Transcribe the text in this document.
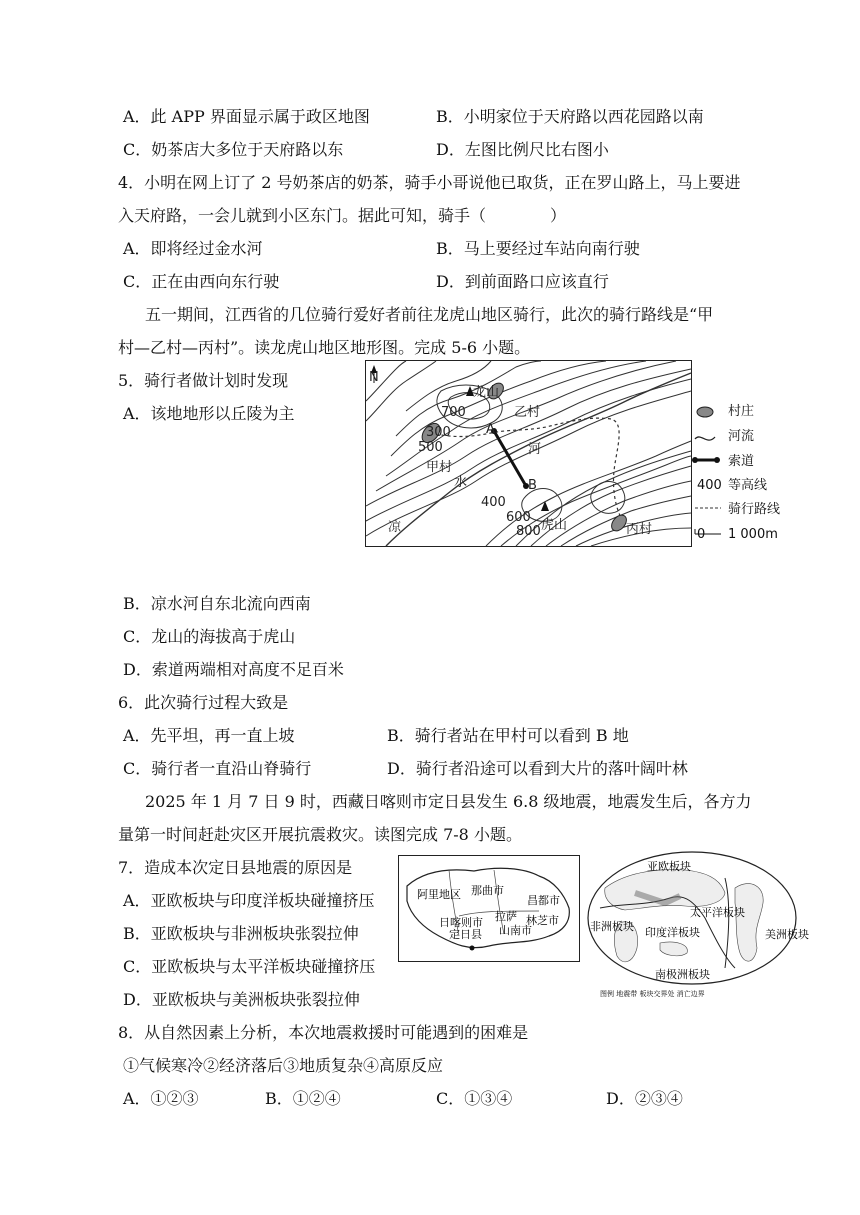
A．此 APP 界面显示属于政区地图	B．小明家位于天府路以西花园路以南
C．奶茶店大多位于天府路以东	D．左图比例尺比右图小
4．小明在网上订了 2 号奶茶店的奶茶，骑手小哥说他已取货，正在罗山路上，马上要进
入天府路，一会儿就到小区东门。据此可知，骑手（　　　　）
A．即将经过金水河	B．马上要经过车站向南行驶
C．正在由西向东行驶	D．到前面路口应该直行
五一期间，江西省的几位骑行爱好者前往龙虎山地区骑行，此次的骑行路线是“甲
村—乙村—丙村”。读龙虎山地区地形图。完成 5-6 小题。
5．骑行者做计划时发现
A．该地地形以丘陵为主
N
龙山
虎山
甲村
乙村
丙村
凉
水
河
300
500
700
400
600
800
A
B
村庄
河流
索道
400 等高线
骑行路线
0 1 000m
B．凉水河自东北流向西南
C．龙山的海拔高于虎山
D．索道两端相对高度不足百米
6．此次骑行过程大致是
A．先平坦，再一直上坡	B．骑行者站在甲村可以看到 B 地
C．骑行者一直沿山脊骑行	D．骑行者沿途可以看到大片的落叶阔叶林
2025 年 1 月 7 日 9 时，西藏日喀则市定日县发生 6.8 级地震，地震发生后，各方力
量第一时间赶赴灾区开展抗震救灾。读图完成 7-8 小题。
7．造成本次定日县地震的原因是
A．亚欧板块与印度洋板块碰撞挤压
B．亚欧板块与非洲板块张裂拉伸
C．亚欧板块与太平洋板块碰撞挤压
D．亚欧板块与美洲板块张裂拉伸
阿里地区 那曲市
昌都市
日喀则市
定日县
林芝市
山南市
拉萨
亚欧板块
太平洋板块
非洲板块 印度洋板块	美洲板块
南极洲板块
图例 地震带 板块交界处 消亡边界
8．从自然因素上分析，本次地震救援时可能遇到的困难是
①气候寒冷②经济落后③地质复杂④高原反应
A．①②③	B．①②④	C．①③④	D．②③④
